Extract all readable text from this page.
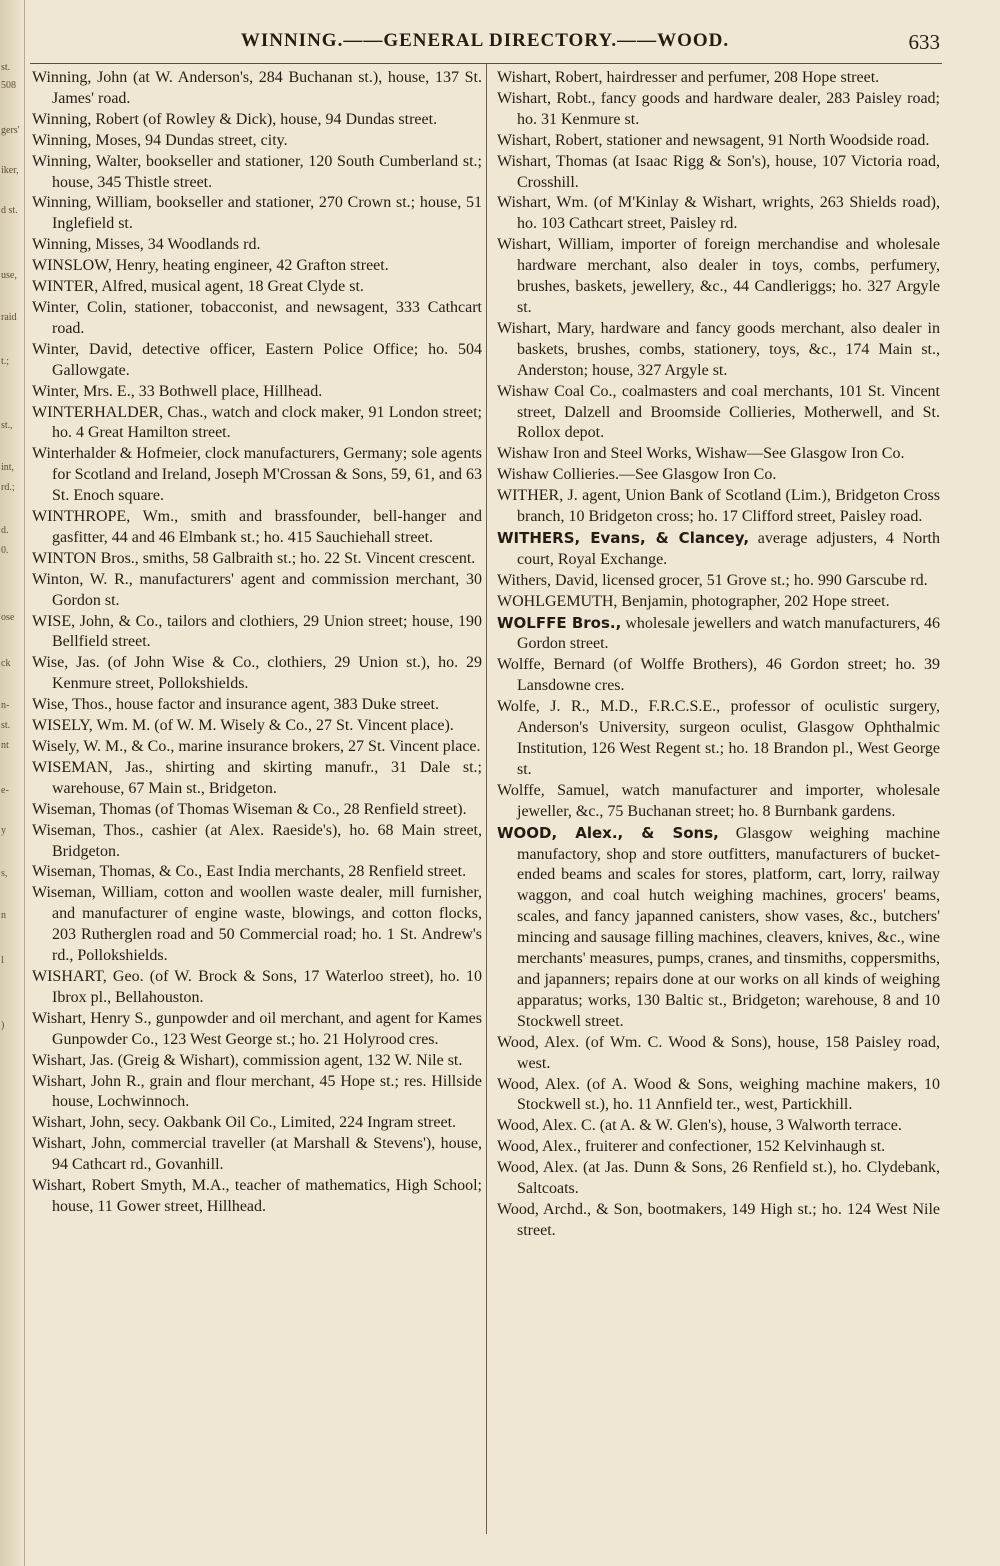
st.
508
gers'
iker,
d st.
use,
raid
t.;
st.,
int,
rd.;
d.
0.
ose
ck
n-
st.
nt
e-
y
s,
n
l
)
WINNING.——GENERAL DIRECTORY.——WOOD.	633

Winning, John (at W. Anderson's, 284 Buchanan st.), house, 137 St. James' road.

Winning, Robert (of Rowley & Dick), house, 94 Dundas street.

Winning, Moses, 94 Dundas street, city.

Winning, Walter, bookseller and stationer, 120 South Cumberland st.; house, 345 Thistle street.

Winning, William, bookseller and stationer, 270 Crown st.; house, 51 Inglefield st.

Winning, Misses, 34 Woodlands rd.

WINSLOW, Henry, heating engineer, 42 Grafton street.

WINTER, Alfred, musical agent, 18 Great Clyde st.

Winter, Colin, stationer, tobacconist, and newsagent, 333 Cathcart road.

Winter, David, detective officer, Eastern Police Office; ho. 504 Gallowgate.

Winter, Mrs. E., 33 Bothwell place, Hillhead.

WINTERHALDER, Chas., watch and clock maker, 91 London street; ho. 4 Great Hamilton street.

Winterhalder & Hofmeier, clock manufacturers, Germany; sole agents for Scotland and Ireland, Joseph M'Crossan & Sons, 59, 61, and 63 St. Enoch square.

WINTHROPE, Wm., smith and brassfounder, bell-hanger and gasfitter, 44 and 46 Elmbank st.; ho. 415 Sauchiehall street.

WINTON Bros., smiths, 58 Galbraith st.; ho. 22 St. Vincent crescent.

Winton, W. R., manufacturers' agent and commission merchant, 30 Gordon st.

WISE, John, & Co., tailors and clothiers, 29 Union street; house, 190 Bellfield street.

Wise, Jas. (of John Wise & Co., clothiers, 29 Union st.), ho. 29 Kenmure street, Pollokshields.

Wise, Thos., house factor and insurance agent, 383 Duke street.

WISELY, Wm. M. (of W. M. Wisely & Co., 27 St. Vincent place).

Wisely, W. M., & Co., marine insurance brokers, 27 St. Vincent place.

WISEMAN, Jas., shirting and skirting manufr., 31 Dale st.; warehouse, 67 Main st., Bridgeton.

Wiseman, Thomas (of Thomas Wiseman & Co., 28 Renfield street).

Wiseman, Thos., cashier (at Alex. Raeside's), ho. 68 Main street, Bridgeton.

Wiseman, Thomas, & Co., East India merchants, 28 Renfield street.

Wiseman, William, cotton and woollen waste dealer, mill furnisher, and manufacturer of engine waste, blowings, and cotton flocks, 203 Rutherglen road and 50 Commercial road; ho. 1 St. Andrew's rd., Pollokshields.

WISHART, Geo. (of W. Brock & Sons, 17 Waterloo street), ho. 10 Ibrox pl., Bellahouston.

Wishart, Henry S., gunpowder and oil merchant, and agent for Kames Gunpowder Co., 123 West George st.; ho. 21 Holyrood cres.

Wishart, Jas. (Greig & Wishart), commission agent, 132 W. Nile st.

Wishart, John R., grain and flour merchant, 45 Hope st.; res. Hillside house, Lochwinnoch.

Wishart, John, secy. Oakbank Oil Co., Limited, 224 Ingram street.

Wishart, John, commercial traveller (at Marshall & Stevens'), house, 94 Cathcart rd., Govanhill.

Wishart, Robert Smyth, M.A., teacher of mathematics, High School; house, 11 Gower street, Hillhead.

Wishart, Robert, hairdresser and perfumer, 208 Hope street.

Wishart, Robt., fancy goods and hardware dealer, 283 Paisley road; ho. 31 Kenmure st.

Wishart, Robert, stationer and newsagent, 91 North Woodside road.

Wishart, Thomas (at Isaac Rigg & Son's), house, 107 Victoria road, Crosshill.

Wishart, Wm. (of M'Kinlay & Wishart, wrights, 263 Shields road), ho. 103 Cathcart street, Paisley rd.

Wishart, William, importer of foreign merchandise and wholesale hardware merchant, also dealer in toys, combs, perfumery, brushes, baskets, jewellery, &c., 44 Candleriggs; ho. 327 Argyle st.

Wishart, Mary, hardware and fancy goods merchant, also dealer in baskets, brushes, combs, stationery, toys, &c., 174 Main st., Anderston; house, 327 Argyle st.

Wishaw Coal Co., coalmasters and coal merchants, 101 St. Vincent street, Dalzell and Broomside Collieries, Motherwell, and St. Rollox depot.

Wishaw Iron and Steel Works, Wishaw—See Glasgow Iron Co.

Wishaw Collieries.—See Glasgow Iron Co.

WITHER, J. agent, Union Bank of Scotland (Lim.), Bridgeton Cross branch, 10 Bridgeton cross; ho. 17 Clifford street, Paisley road.

WITHERS, Evans, & Clancey, average adjusters, 4 North court, Royal Exchange.

Withers, David, licensed grocer, 51 Grove st.; ho. 990 Garscube rd.

WOHLGEMUTH, Benjamin, photographer, 202 Hope street.

WOLFFE Bros., wholesale jewellers and watch manufacturers, 46 Gordon street.

Wolffe, Bernard (of Wolffe Brothers), 46 Gordon street; ho. 39 Lansdowne cres.

Wolfe, J. R., M.D., F.R.C.S.E., professor of oculistic surgery, Anderson's University, surgeon oculist, Glasgow Ophthalmic Institution, 126 West Regent st.; ho. 18 Brandon pl., West George st.

Wolffe, Samuel, watch manufacturer and importer, wholesale jeweller, &c., 75 Buchanan street; ho. 8 Burnbank gardens.

WOOD, Alex., & Sons, Glasgow weighing machine manufactory, shop and store outfitters, manufacturers of bucket-ended beams and scales for stores, platform, cart, lorry, railway waggon, and coal hutch weighing machines, grocers' beams, scales, and fancy japanned canisters, show vases, &c., butchers' mincing and sausage filling machines, cleavers, knives, &c., wine merchants' measures, pumps, cranes, and tinsmiths, coppersmiths, and japanners; repairs done at our works on all kinds of weighing apparatus; works, 130 Baltic st., Bridgeton; warehouse, 8 and 10 Stockwell street.

Wood, Alex. (of Wm. C. Wood & Sons), house, 158 Paisley road, west.

Wood, Alex. (of A. Wood & Sons, weighing machine makers, 10 Stockwell st.), ho. 11 Annfield ter., west, Partickhill.

Wood, Alex. C. (at A. & W. Glen's), house, 3 Walworth terrace.

Wood, Alex., fruiterer and confectioner, 152 Kelvinhaugh st.

Wood, Alex. (at Jas. Dunn & Sons, 26 Renfield st.), ho. Clydebank, Saltcoats.

Wood, Archd., & Son, bootmakers, 149 High st.; ho. 124 West Nile street.
